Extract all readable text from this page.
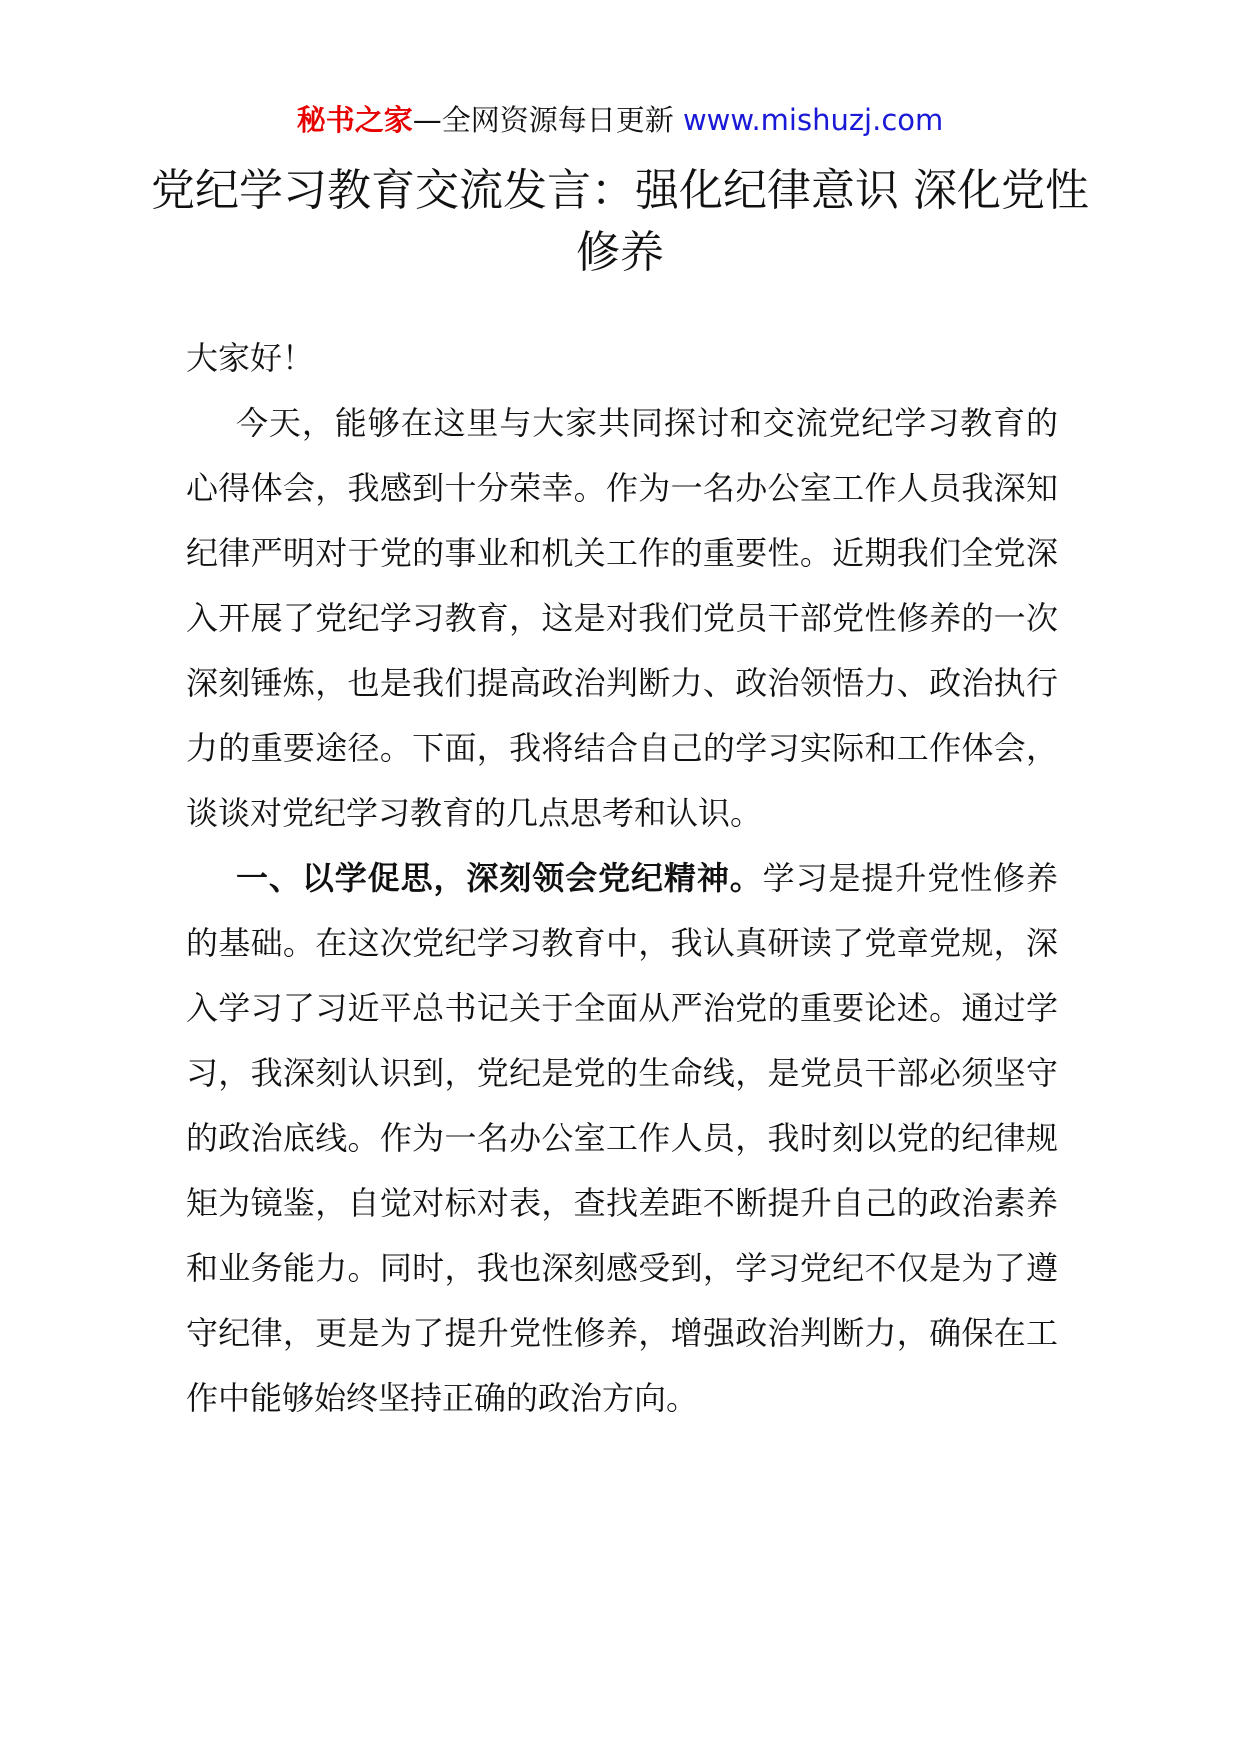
秘书之家—全网资源每日更新 www.mishuzj.com
党纪学习教育交流发言：强化纪律意识 深化党性修养

大家好！

今天，能够在这里与大家共同探讨和交流党纪学习教育的心得体会，我感到十分荣幸。作为一名办公室工作人员我深知纪律严明对于党的事业和机关工作的重要性。近期我们全党深入开展了党纪学习教育，这是对我们党员干部党性修养的一次深刻锤炼，也是我们提高政治判断力、政治领悟力、政治执行力的重要途径。下面，我将结合自己的学习实际和工作体会，谈谈对党纪学习教育的几点思考和认识。

一、以学促思，深刻领会党纪精神。学习是提升党性修养的基础。在这次党纪学习教育中，我认真研读了党章党规，深入学习了习近平总书记关于全面从严治党的重要论述。通过学习，我深刻认识到，党纪是党的生命线，是党员干部必须坚守的政治底线。作为一名办公室工作人员，我时刻以党的纪律规矩为镜鉴，自觉对标对表，查找差距不断提升自己的政治素养和业务能力。同时，我也深刻感受到，学习党纪不仅是为了遵守纪律，更是为了提升党性修养，增强政治判断力，确保在工作中能够始终坚持正确的政治方向。
